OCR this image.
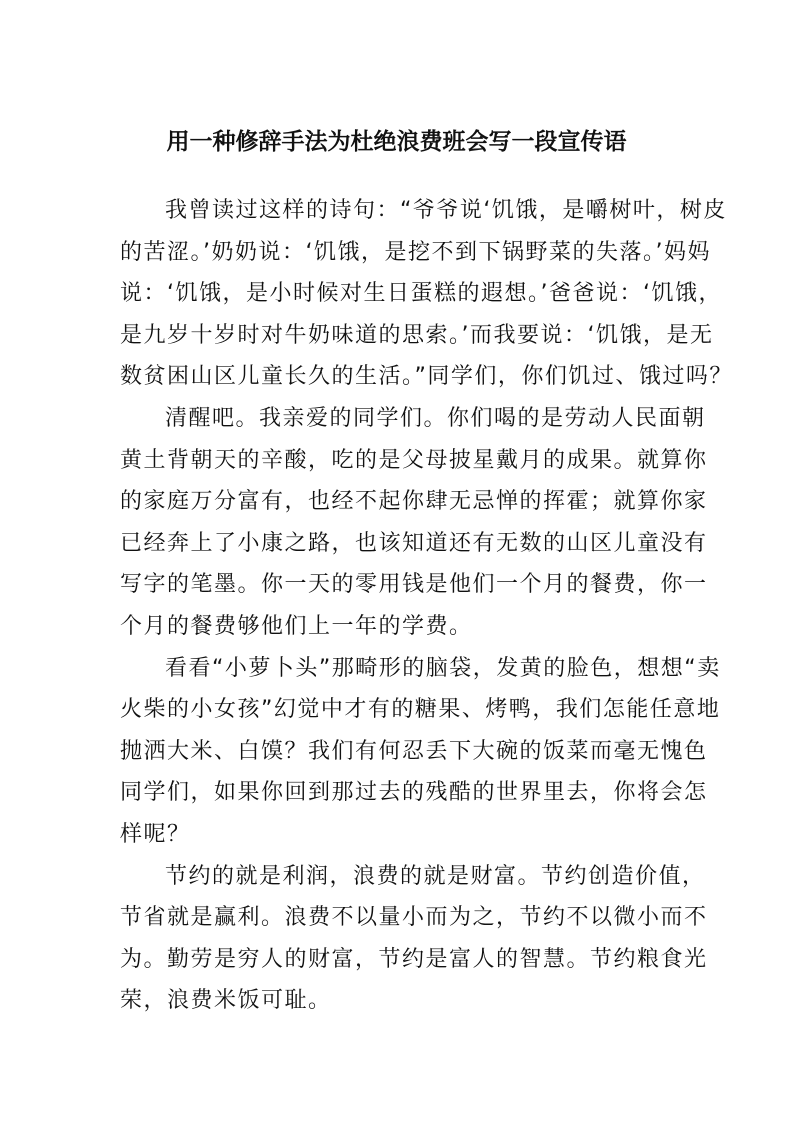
用一种修辞手法为杜绝浪费班会写一段宣传语
我曾读过这样的诗句：“爷爷说‘饥饿，是嚼树叶，树皮
的苦涩。’奶奶说：‘饥饿，是挖不到下锅野菜的失落。’妈妈
说：‘饥饿，是小时候对生日蛋糕的遐想。’爸爸说：‘饥饿，
是九岁十岁时对牛奶味道的思索。’而我要说：‘饥饿，是无
数贫困山区儿童长久的生活。”同学们，你们饥过、饿过吗？
清醒吧。我亲爱的同学们。你们喝的是劳动人民面朝
黄土背朝天的辛酸，吃的是父母披星戴月的成果。就算你
的家庭万分富有，也经不起你肆无忌惮的挥霍；就算你家
已经奔上了小康之路，也该知道还有无数的山区儿童没有
写字的笔墨。你一天的零用钱是他们一个月的餐费，你一
个月的餐费够他们上一年的学费。
看看“小萝卜头”那畸形的脑袋，发黄的脸色，想想“卖
火柴的小女孩”幻觉中才有的糖果、烤鸭，我们怎能任意地
抛洒大米、白馍？我们有何忍丢下大碗的饭菜而毫无愧色
同学们，如果你回到那过去的残酷的世界里去，你将会怎
样呢？
节约的就是利润，浪费的就是财富。节约创造价值，
节省就是赢利。浪费不以量小而为之，节约不以微小而不
为。勤劳是穷人的财富，节约是富人的智慧。节约粮食光
荣，浪费米饭可耻。
